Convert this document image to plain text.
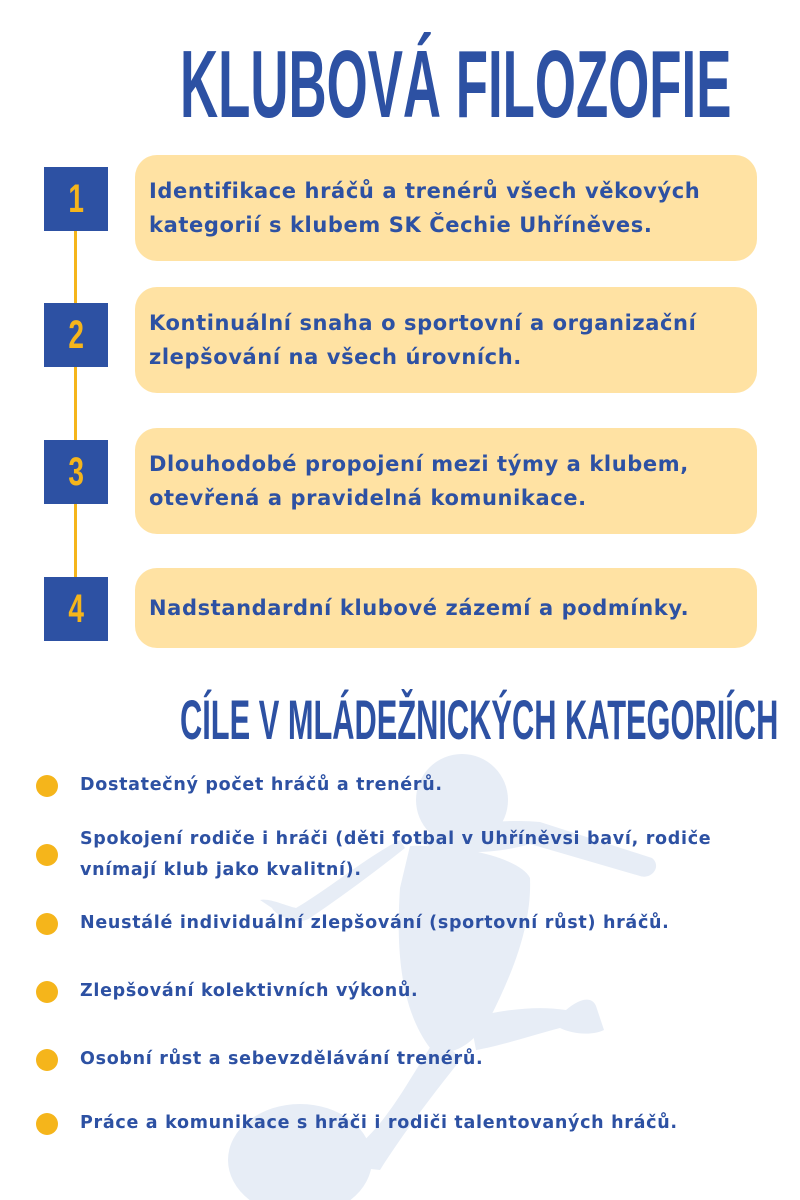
KLUBOVÁ FILOZOFIE
1	Identifikace hráčů a trenérů všech věkových kategorií s klubem SK Čechie Uhříněves.
2	Kontinuální snaha o sportovní a organizační zlepšování na všech úrovních.
3	Dlouhodobé propojení mezi týmy a klubem, otevřená a pravidelná komunikace.
4	Nadstandardní klubové zázemí a podmínky.
CÍLE V MLÁDEŽNICKÝCH KATEGORIÍCH
Dostatečný počet hráčů a trenérů.
Spokojení rodiče i hráči (děti fotbal v Uhříněvsi baví, rodiče vnímají klub jako kvalitní).
Neustálé individuální zlepšování (sportovní růst) hráčů.
Zlepšování kolektivních výkonů.
Osobní růst a sebevzdělávání trenérů.
Práce a komunikace s hráči i rodiči talentovaných hráčů.
